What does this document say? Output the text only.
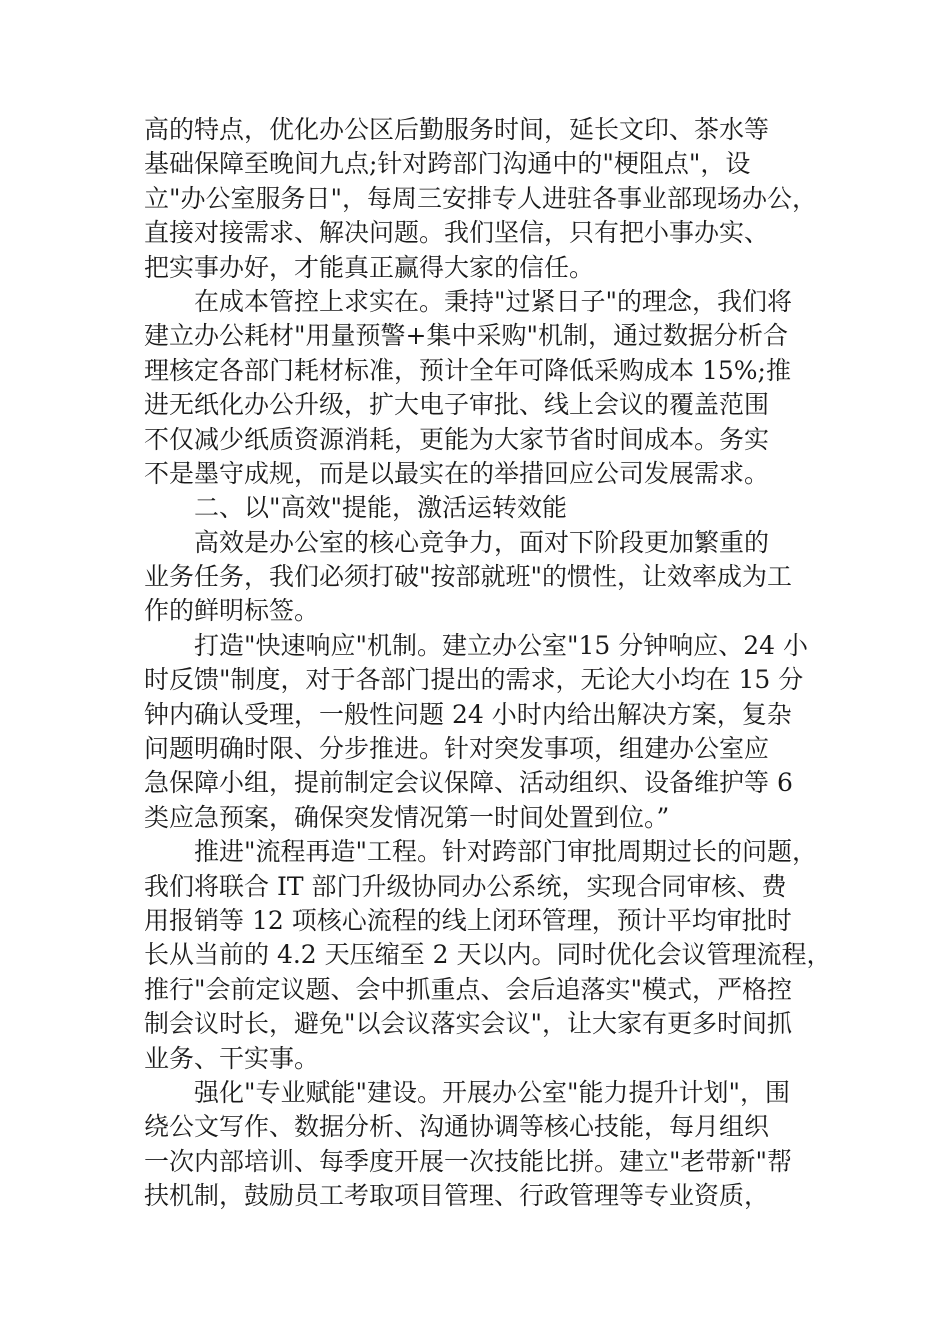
高的特点，优化办公区后勤服务时间，延长文印、茶水等
基础保障至晚间九点;针对跨部门沟通中的"梗阻点"，设
立"办公室服务日"，每周三安排专人进驻各事业部现场办公，
直接对接需求、解决问题。我们坚信，只有把小事办实、
把实事办好，才能真正赢得大家的信任。
在成本管控上求实在。秉持"过紧日子"的理念，我们将
建立办公耗材"用量预警+集中采购"机制，通过数据分析合
理核定各部门耗材标准，预计全年可降低采购成本 15%;推
进无纸化办公升级，扩大电子审批、线上会议的覆盖范围
不仅减少纸质资源消耗，更能为大家节省时间成本。务实
不是墨守成规，而是以最实在的举措回应公司发展需求。
二、以"高效"提能，激活运转效能
高效是办公室的核心竞争力，面对下阶段更加繁重的
业务任务，我们必须打破"按部就班"的惯性，让效率成为工
作的鲜明标签。
打造"快速响应"机制。建立办公室"15 分钟响应、24 小
时反馈"制度，对于各部门提出的需求，无论大小均在 15 分
钟内确认受理，一般性问题 24 小时内给出解决方案，复杂
问题明确时限、分步推进。针对突发事项，组建办公室应
急保障小组，提前制定会议保障、活动组织、设备维护等 6
类应急预案，确保突发情况第一时间处置到位。”
推进"流程再造"工程。针对跨部门审批周期过长的问题，
我们将联合 IT 部门升级协同办公系统，实现合同审核、费
用报销等 12 项核心流程的线上闭环管理，预计平均审批时
长从当前的 4.2 天压缩至 2 天以内。同时优化会议管理流程，
推行"会前定议题、会中抓重点、会后追落实"模式，严格控
制会议时长，避免"以会议落实会议"，让大家有更多时间抓
业务、干实事。
强化"专业赋能"建设。开展办公室"能力提升计划"，围
绕公文写作、数据分析、沟通协调等核心技能，每月组织
一次内部培训、每季度开展一次技能比拼。建立"老带新"帮
扶机制，鼓励员工考取项目管理、行政管理等专业资质，
